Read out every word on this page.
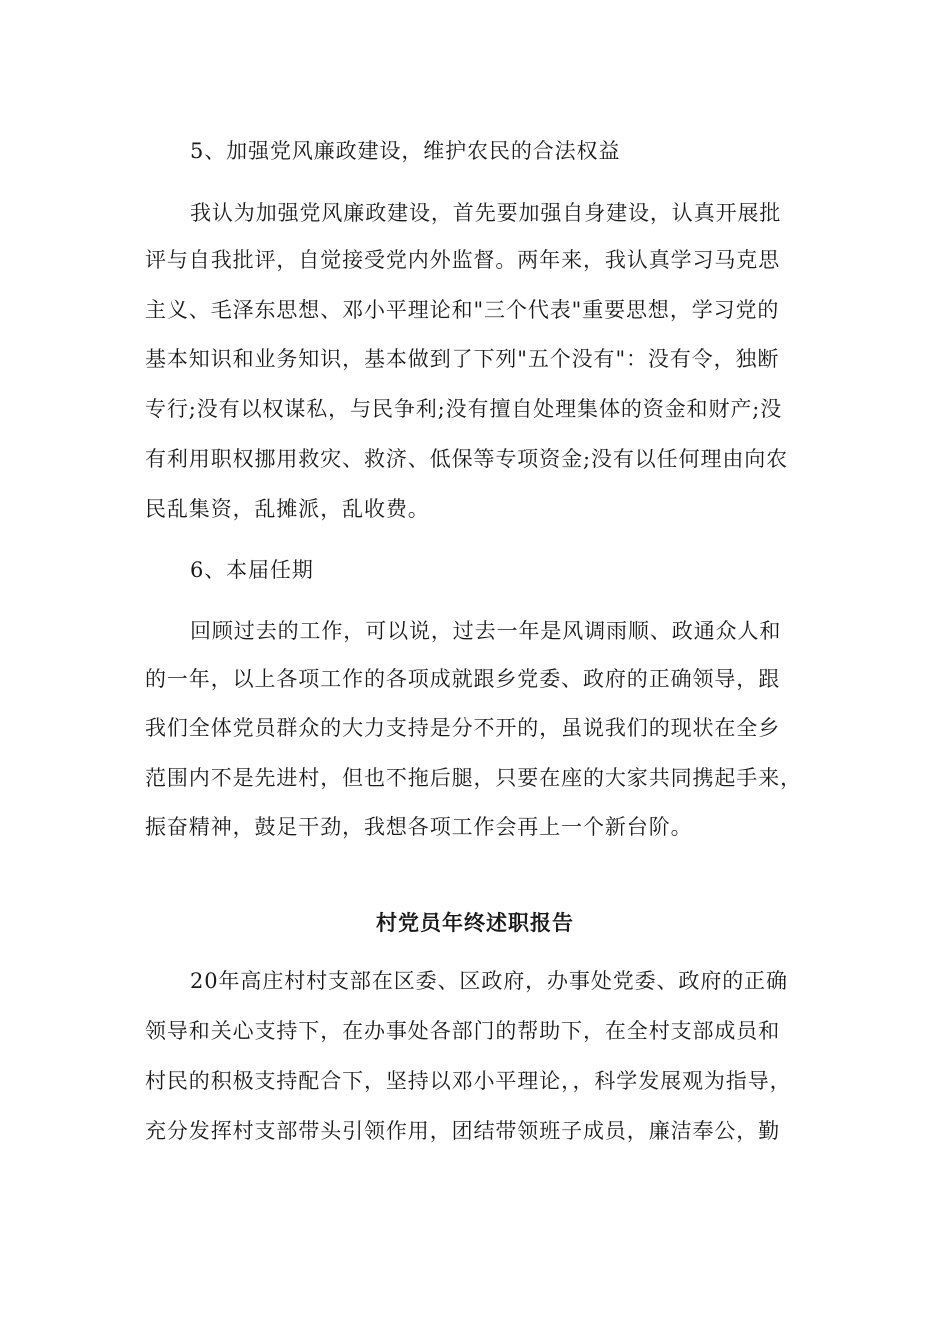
5、加强党风廉政建设，维护农民的合法权益
我认为加强党风廉政建设，首先要加强自身建设，认真开展批
评与自我批评，自觉接受党内外监督。两年来，我认真学习马克思
主义、毛泽东思想、邓小平理论和"三个代表"重要思想，学习党的
基本知识和业务知识，基本做到了下列"五个没有"：没有令，独断
专行;没有以权谋私，与民争利;没有擅自处理集体的资金和财产;没
有利用职权挪用救灾、救济、低保等专项资金;没有以任何理由向农
民乱集资，乱摊派，乱收费。
6、本届任期
回顾过去的工作，可以说，过去一年是风调雨顺、政通众人和
的一年，以上各项工作的各项成就跟乡党委、政府的正确领导，跟
我们全体党员群众的大力支持是分不开的，虽说我们的现状在全乡
范围内不是先进村，但也不拖后腿，只要在座的大家共同携起手来，
振奋精神，鼓足干劲，我想各项工作会再上一个新台阶。
村党员年终述职报告
20年高庄村村支部在区委、区政府，办事处党委、政府的正确
领导和关心支持下，在办事处各部门的帮助下，在全村支部成员和
村民的积极支持配合下，坚持以邓小平理论，，科学发展观为指导，
充分发挥村支部带头引领作用，团结带领班子成员，廉洁奉公，勤
